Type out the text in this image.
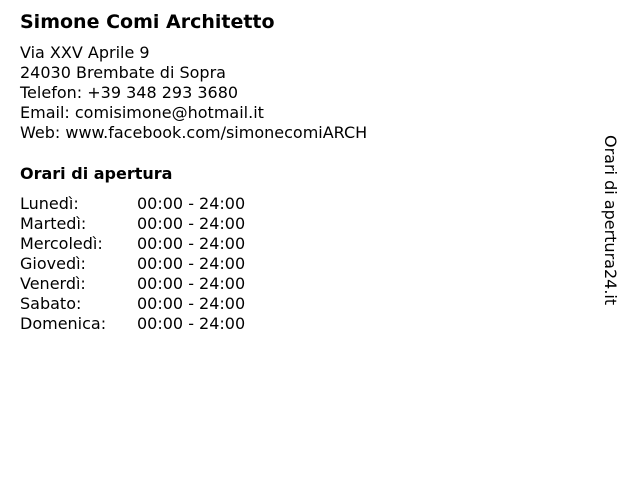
Simone Comi Architetto
Via XXV Aprile 9
24030 Brembate di Sopra
Telefon: +39 348 293 3680
Email: comisimone@hotmail.it
Web: www.facebook.com/simonecomiARCH
Orari di apertura
Lunedì:	00:00 - 24:00
Martedì:	00:00 - 24:00
Mercoledì: 00:00 - 24:00
Giovedì:	00:00 - 24:00
Venerdì:	00:00 - 24:00
Sabato:	00:00 - 24:00
Domenica: 00:00 - 24:00
Orari di apertura24.it
